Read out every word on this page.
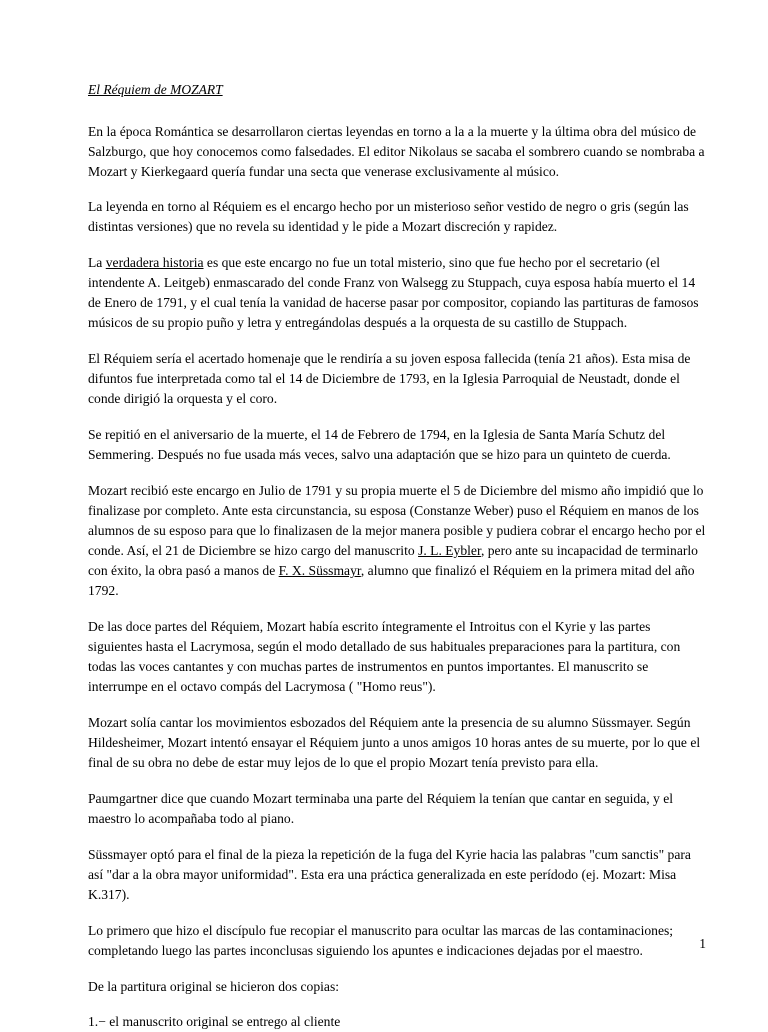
El Réquiem de MOZART
En la época Romántica se desarrollaron ciertas leyendas en torno a la a la muerte y la última obra del músico de Salzburgo, que hoy conocemos como falsedades. El editor Nikolaus se sacaba el sombrero cuando se nombraba a Mozart y Kierkegaard quería fundar una secta que venerase exclusivamente al músico.
La leyenda en torno al Réquiem es el encargo hecho por un misterioso señor vestido de negro o gris (según las distintas versiones) que no revela su identidad y le pide a Mozart discreción y rapidez.
La verdadera historia es que este encargo no fue un total misterio, sino que fue hecho por el secretario (el intendente A. Leitgeb) enmascarado del conde Franz von Walsegg zu Stuppach, cuya esposa había muerto el 14 de Enero de 1791, y el cual tenía la vanidad de hacerse pasar por compositor, copiando las partituras de famosos músicos de su propio puño y letra y entregándolas después a la orquesta de su castillo de Stuppach.
El Réquiem sería el acertado homenaje que le rendiría a su joven esposa fallecida (tenía 21 años). Esta misa de difuntos fue interpretada como tal el 14 de Diciembre de 1793, en la Iglesia Parroquial de Neustadt, donde el conde dirigió la orquesta y el coro.
Se repitió en el aniversario de la muerte, el 14 de Febrero de 1794, en la Iglesia de Santa María Schutz del Semmering. Después no fue usada más veces, salvo una adaptación que se hizo para un quinteto de cuerda.
Mozart recibió este encargo en Julio de 1791 y su propia muerte el 5 de Diciembre del mismo año impidió que lo finalizase por completo. Ante esta circunstancia, su esposa (Constanze Weber) puso el Réquiem en manos de los alumnos de su esposo para que lo finalizasen de la mejor manera posible y pudiera cobrar el encargo hecho por el conde. Así, el 21 de Diciembre se hizo cargo del manuscrito J. L. Eybler, pero ante su incapacidad de terminarlo con éxito, la obra pasó a manos de F. X. Süssmayr, alumno que finalizó el Réquiem en la primera mitad del año 1792.
De las doce partes del Réquiem, Mozart había escrito íntegramente el Introitus con el Kyrie y las partes siguientes hasta el Lacrymosa, según el modo detallado de sus habituales preparaciones para la partitura, con todas las voces cantantes y con muchas partes de instrumentos en puntos importantes. El manuscrito se interrumpe en el octavo compás del Lacrymosa ( "Homo reus").
Mozart solía cantar los movimientos esbozados del Réquiem ante la presencia de su alumno Süssmayer. Según Hildesheimer, Mozart intentó ensayar el Réquiem junto a unos amigos 10 horas antes de su muerte, por lo que el final de su obra no debe de estar muy lejos de lo que el propio Mozart tenía previsto para ella.
Paumgartner dice que cuando Mozart terminaba una parte del Réquiem la tenían que cantar en seguida, y el maestro lo acompañaba todo al piano.
Süssmayer optó para el final de la pieza la repetición de la fuga del Kyrie hacia las palabras "cum sanctis" para así "dar a la obra mayor uniformidad". Esta era una práctica generalizada en este perídodo (ej. Mozart: Misa K.317).
Lo primero que hizo el discípulo fue recopiar el manuscrito para ocultar las marcas de las contaminaciones; completando luego las partes inconclusas siguiendo los apuntes e indicaciones dejadas por el maestro.
De la partitura original se hicieron dos copias:
1.− el manuscrito original se entrego al cliente
1
